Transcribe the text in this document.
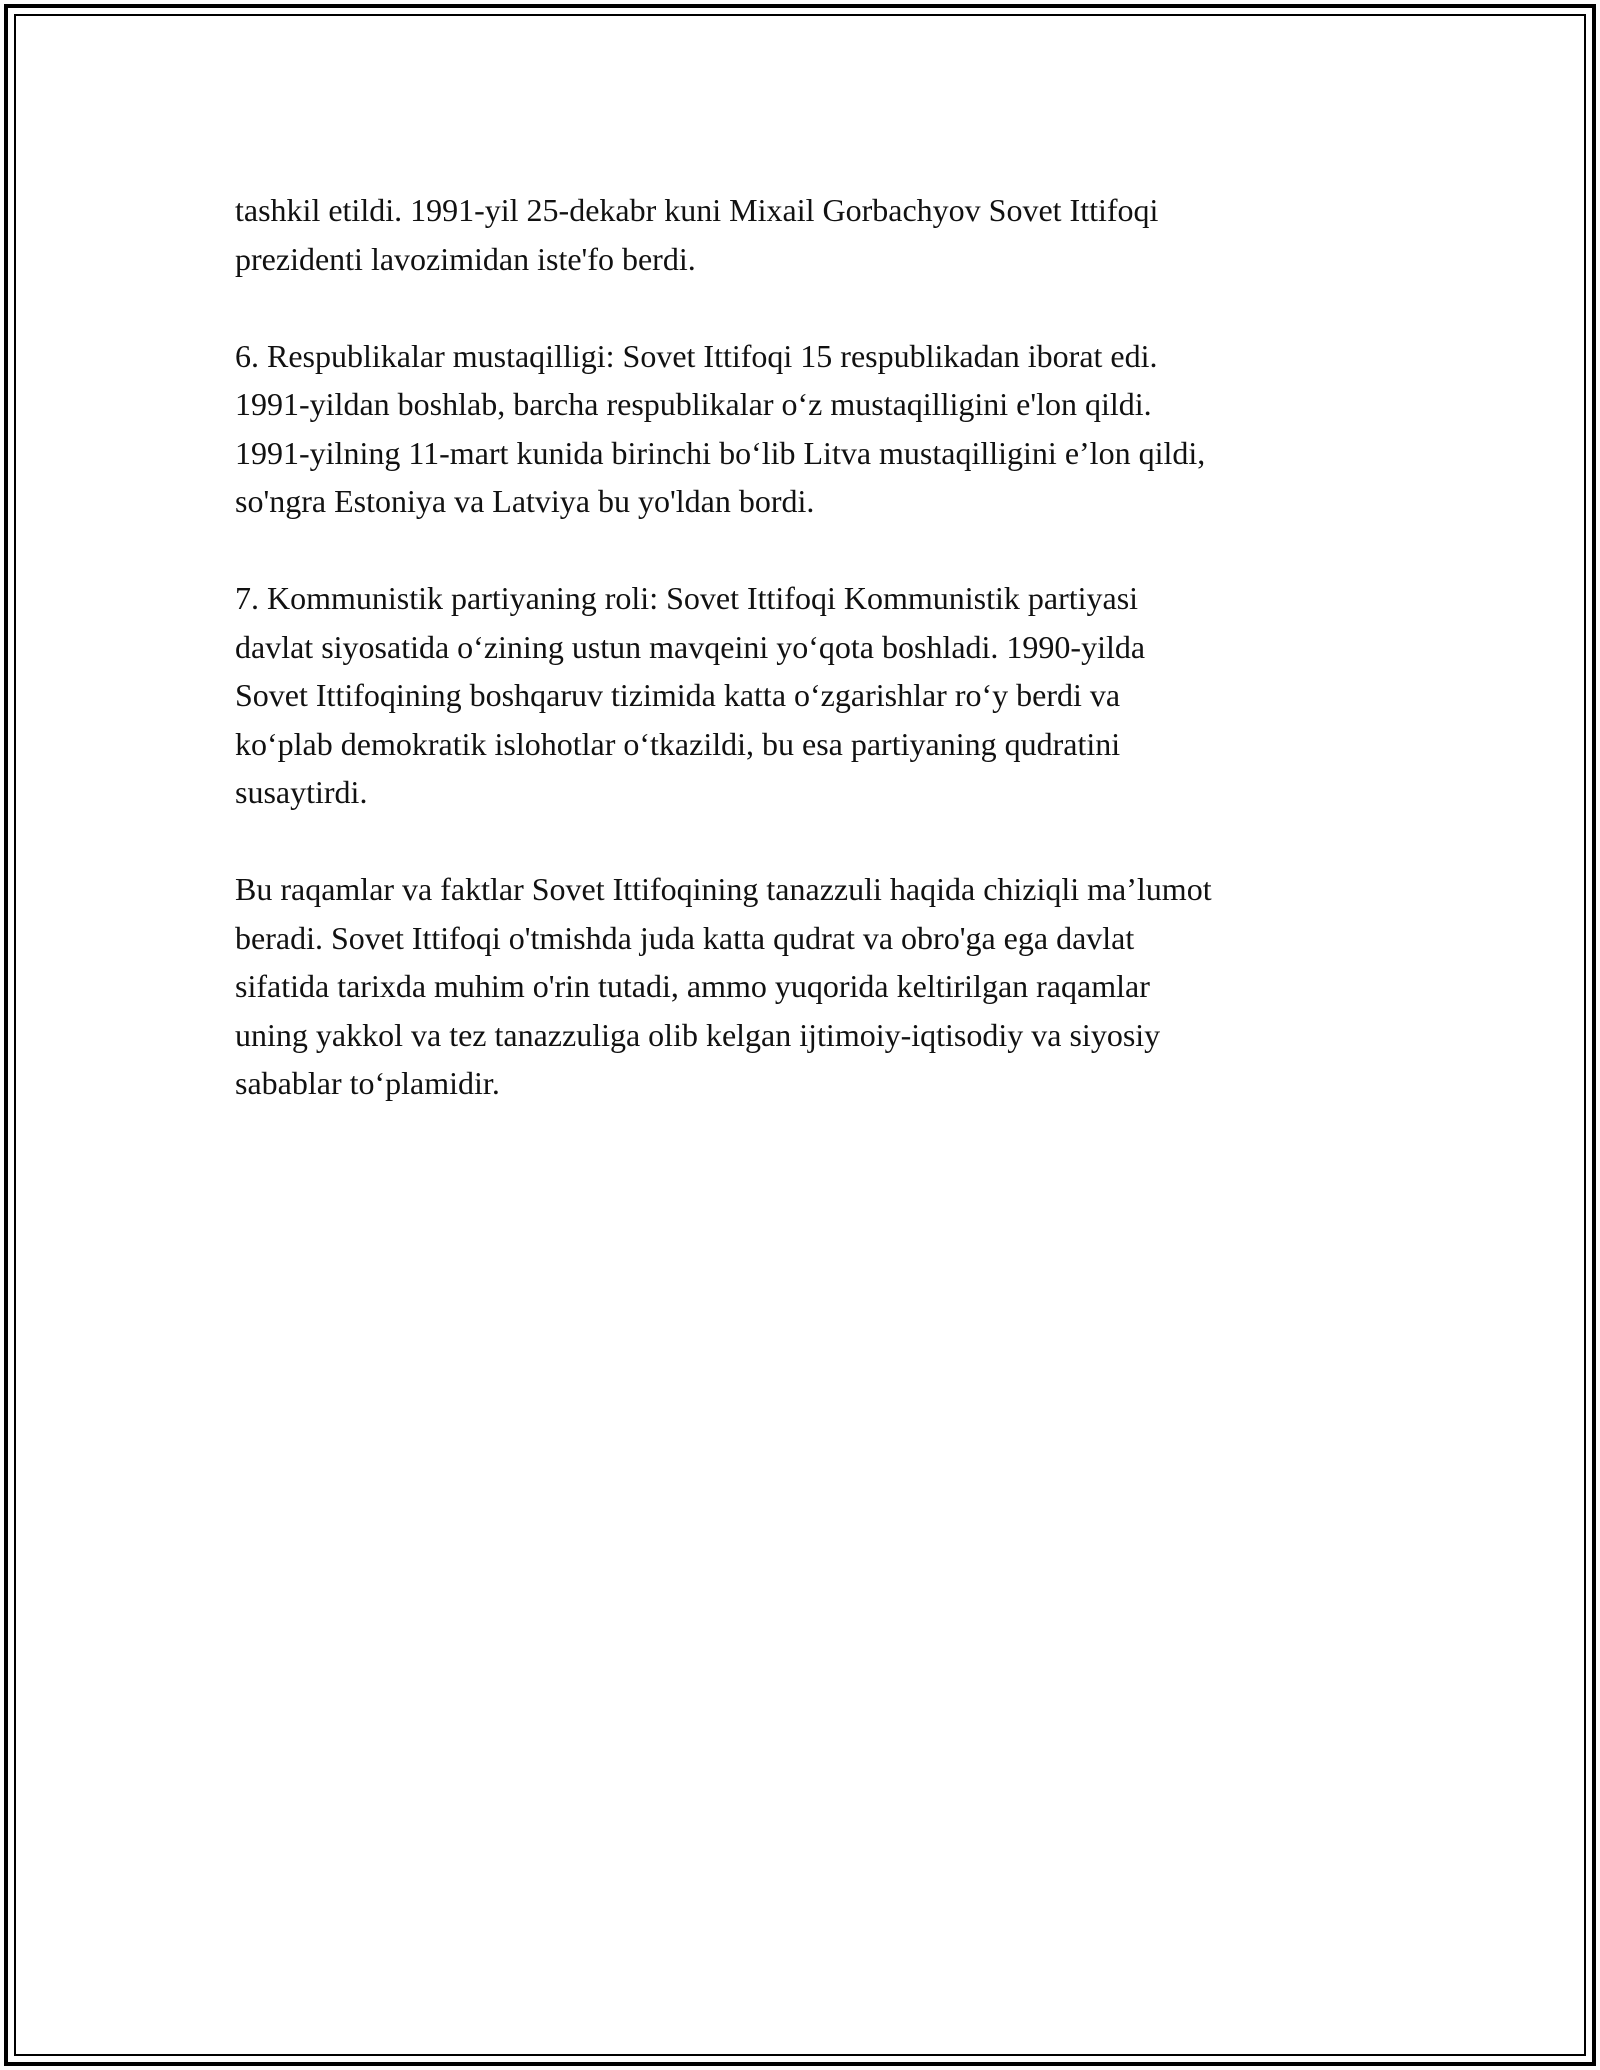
tashkil etildi. 1991-yil 25-dekabr kuni Mixail Gorbachyov Sovet Ittifoqi
prezidenti lavozimidan iste'fo berdi.

6. Respublikalar mustaqilligi: Sovet Ittifoqi 15 respublikadan iborat edi.
1991-yildan boshlab, barcha respublikalar o‘z mustaqilligini e'lon qildi.
1991-yilning 11-mart kunida birinchi bo‘lib Litva mustaqilligini e’lon qildi,
so'ngra Estoniya va Latviya bu yo'ldan bordi.

7. Kommunistik partiyaning roli: Sovet Ittifoqi Kommunistik partiyasi
davlat siyosatida o‘zining ustun mavqeini yo‘qota boshladi. 1990-yilda
Sovet Ittifoqining boshqaruv tizimida katta o‘zgarishlar ro‘y berdi va
ko‘plab demokratik islohotlar o‘tkazildi, bu esa partiyaning qudratini
susaytirdi.

Bu raqamlar va faktlar Sovet Ittifoqining tanazzuli haqida chiziqli ma’lumot
beradi. Sovet Ittifoqi o'tmishda juda katta qudrat va obro'ga ega davlat
sifatida tarixda muhim o'rin tutadi, ammo yuqorida keltirilgan raqamlar
uning yakkol va tez tanazzuliga olib kelgan ijtimoiy-iqtisodiy va siyosiy
sabablar to‘plamidir.
